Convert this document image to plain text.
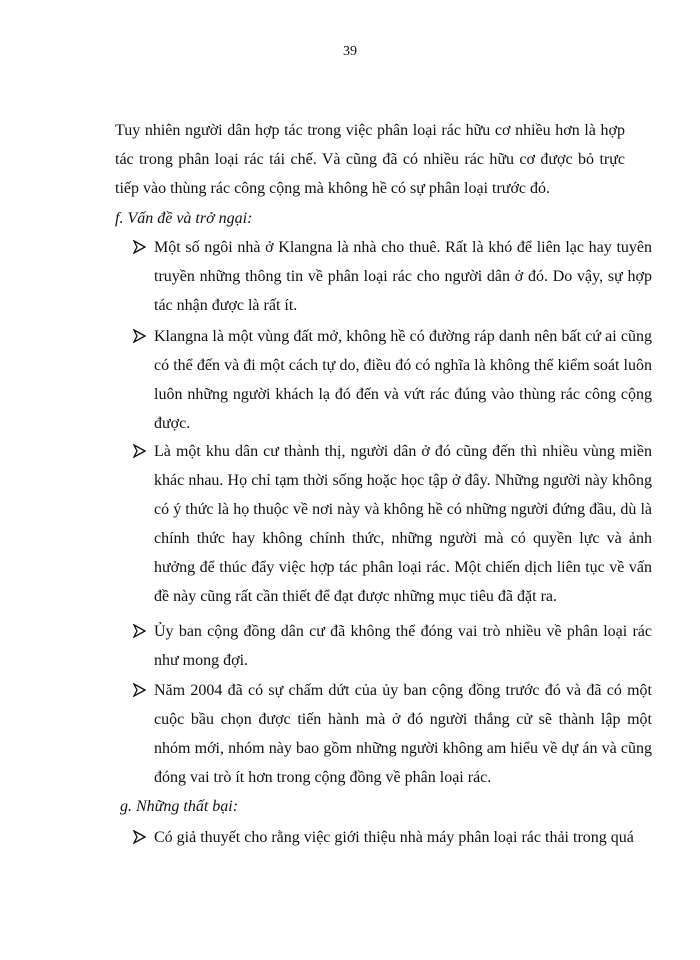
39
Tuy nhiên người dân hợp tác trong việc phân loại rác hữu cơ nhiều hơn là hợp tác trong phân loại rác tái chế. Và cũng đã có nhiều rác hữu cơ được bỏ trực tiếp vào thùng rác công cộng mà không hề có sự phân loại trước đó.
f. Vấn đề và trở ngại:
Một số ngôi nhà ở Klangna là nhà cho thuê. Rất là khó để liên lạc hay tuyên truyền những thông tin về phân loại rác cho người dân ở đó. Do vậy, sự hợp tác nhận được là rất ít.
Klangna là một vùng đất mở, không hề có đường ráp danh nên bất cứ ai cũng có thể đến và đi một cách tự do, điều đó có nghĩa là không thể kiểm soát luôn luôn những người khách lạ đó đến và vứt rác đúng vào thùng rác công cộng được.
Là một khu dân cư thành thị, người dân ở đó cũng đến thì nhiều vùng miền khác nhau. Họ chỉ tạm thời sống hoặc học tập ở đây. Những người này không có ý thức là họ thuộc về nơi này và không hề có những người đứng đầu, dù là chính thức hay không chính thức, những người mà có quyền lực và ảnh hưởng để thúc đẩy việc hợp tác phân loại rác. Một chiến dịch liên tục về vấn đề này cũng rất cần thiết để đạt được những mục tiêu đã đặt ra.
Ủy ban cộng đồng dân cư đã không thể đóng vai trò nhiều về phân loại rác như mong đợi.
Năm 2004 đã có sự chấm dứt của ủy ban cộng đồng trước đó và đã có một cuộc bầu chọn được tiến hành mà ở đó người thắng cử sẽ thành lập một nhóm mới, nhóm này bao gồm những người không am hiểu về dự án và cũng đóng vai trò ít hơn trong cộng đồng về phân loại rác.
g. Những thất bại:
Có giả thuyết cho rằng việc giới thiệu nhà máy phân loại rác thải trong quá
